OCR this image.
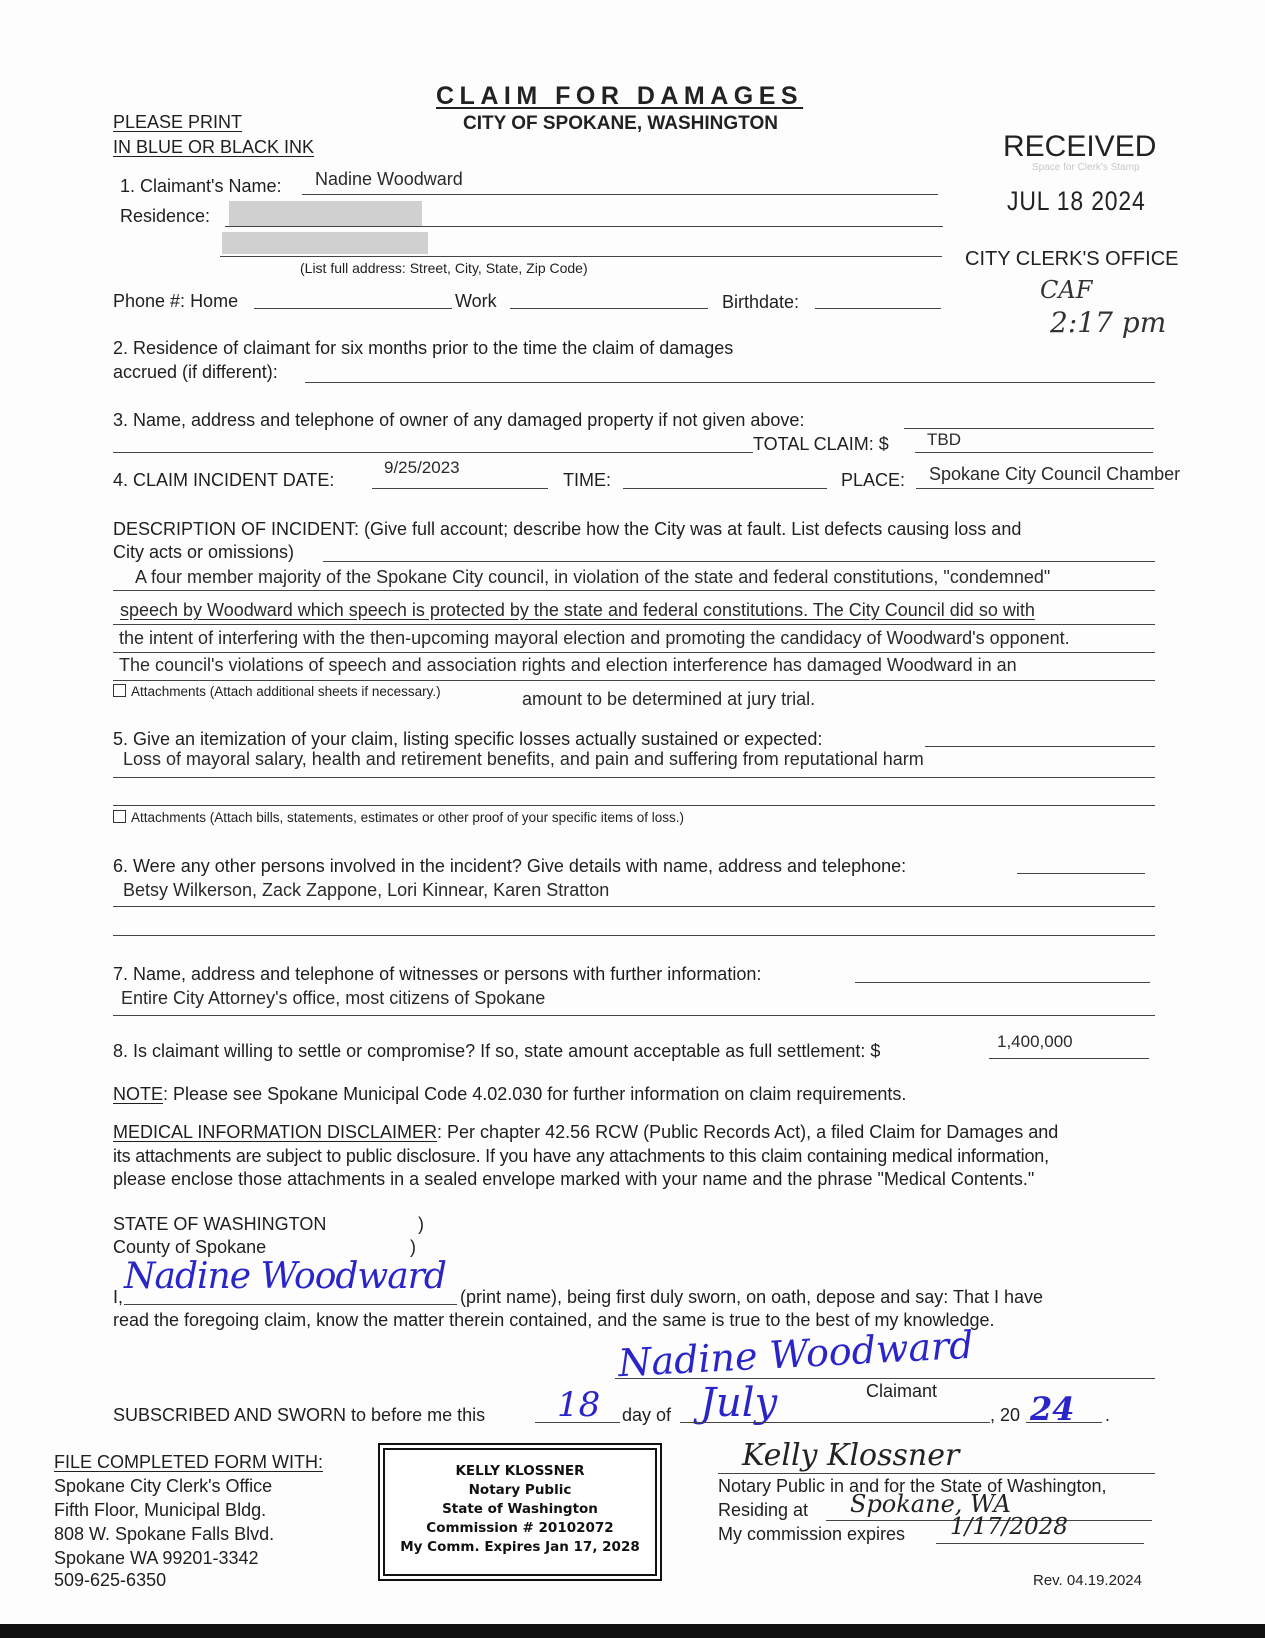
CLAIM FOR DAMAGES
CITY OF SPOKANE, WASHINGTON
PLEASE PRINT
IN BLUE OR BLACK INK	RECEIVED
Space for Clerk's Stamp
JUL 18 2024
CITY CLERK'S OFFICE
CAF
2:17 pm
1. Claimant's Name: Nadine Woodward
Residence:
(List full address: Street, City, State, Zip Code)
Phone #: Home	Work	Birthdate:
2. Residence of claimant for six months prior to the time the claim of damages
accrued (if different):
3. Name, address and telephone of owner of any damaged property if not given above:
TOTAL CLAIM: $ TBD
4. CLAIM INCIDENT DATE:
9/25/2023
TIME:	PLACE: Spokane City Council Chamber
DESCRIPTION OF INCIDENT: (Give full account; describe how the City was at fault. List defects causing loss and
City acts or omissions)
A four member majority of the Spokane City council, in violation of the state and federal constitutions, "condemned"
speech by Woodward which speech is protected by the state and federal constitutions. The City Council did so with
the intent of interfering with the then-upcoming mayoral election and promoting the candidacy of Woodward's opponent.
The council's violations of speech and association rights and election interference has damaged Woodward in an
Attachments (Attach additional sheets if necessary.)	amount to be determined at jury trial.
5. Give an itemization of your claim, listing specific losses actually sustained or expected:
Loss of mayoral salary, health and retirement benefits, and pain and suffering from reputational harm
Attachments (Attach bills, statements, estimates or other proof of your specific items of loss.)
6. Were any other persons involved in the incident? Give details with name, address and telephone:
Betsy Wilkerson, Zack Zappone, Lori Kinnear, Karen Stratton
7. Name, address and telephone of witnesses or persons with further information:
Entire City Attorney's office, most citizens of Spokane
8. Is claimant willing to settle or compromise? If so, state amount acceptable as full settlement: $	1,400,000
NOTE: Please see Spokane Municipal Code 4.02.030 for further information on claim requirements.
MEDICAL INFORMATION DISCLAIMER: Per chapter 42.56 RCW (Public Records Act), a filed Claim for Damages and
its attachments are subject to public disclosure. If you have any attachments to this claim containing medical information,
please enclose those attachments in a sealed envelope marked with your name and the phrase "Medical Contents."
STATE OF WASHINGTON	)
County of Spokane	)
I, Nadine Woodward (print name), being first duly sworn, on oath, depose and say: That I have
read the foregoing claim, know the matter therein contained, and the same is true to the best of my knowledge.
Nadine Woodward
Claimant
SUBSCRIBED AND SWORN to before me this 18 day of July	, 20 24 .
FILE COMPLETED FORM WITH:
Spokane City Clerk's Office
Fifth Floor, Municipal Bldg.
808 W. Spokane Falls Blvd.
Spokane WA 99201-3342
509-625-6350
KELLY KLOSSNER
Notary Public
State of Washington
Commission # 20102072
My Comm. Expires Jan 17, 2028
Kelly Klossner
Notary Public in and for the State of Washington,
Residing at Spokane, WA
My commission expires 1/17/2028
Rev. 04.19.2024
